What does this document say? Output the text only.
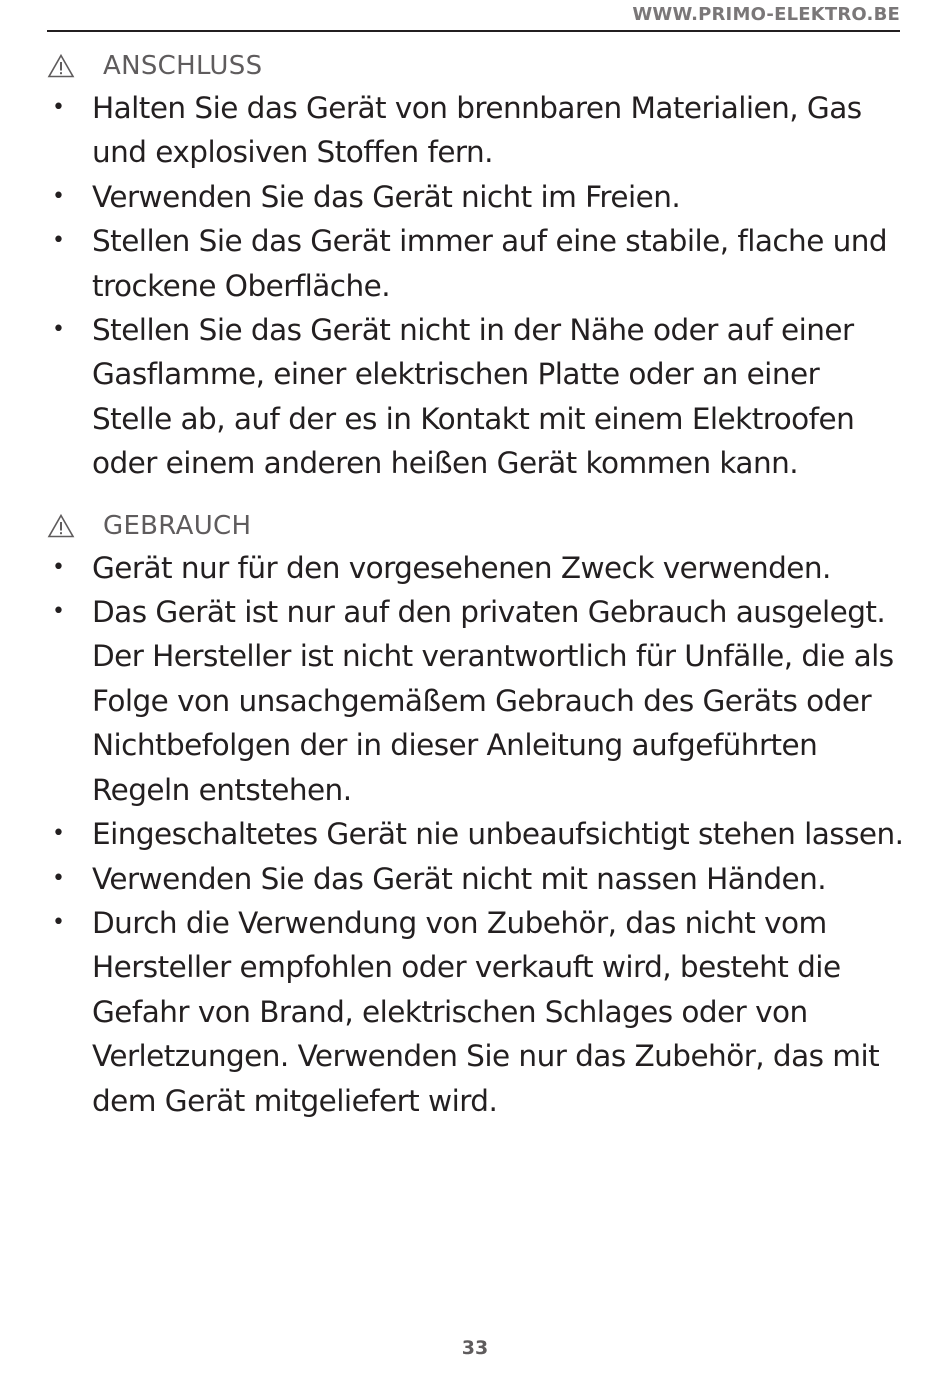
WWW.PRIMO-ELEKTRO.BE
ANSCHLUSS
• Halten Sie das Gerät von brennbaren Materialien, Gas und explosiven Stoffen fern.
• Verwenden Sie das Gerät nicht im Freien.
• Stellen Sie das Gerät immer auf eine stabile, flache und trockene Oberfläche.
• Stellen Sie das Gerät nicht in der Nähe oder auf einer Gasflamme, einer elektrischen Platte oder an einer Stelle ab, auf der es in Kontakt mit einem Elektroofen oder einem anderen heißen Gerät kommen kann.
GEBRAUCH
• Gerät nur für den vorgesehenen Zweck verwenden.
• Das Gerät ist nur auf den privaten Gebrauch ausgelegt. Der Hersteller ist nicht verantwortlich für Unfälle, die als Folge von unsachgemäßem Gebrauch des Geräts oder Nichtbefolgen der in dieser Anleitung aufgeführten Regeln entstehen.
• Eingeschaltetes Gerät nie unbeaufsichtigt stehen lassen.
• Verwenden Sie das Gerät nicht mit nassen Händen.
• Durch die Verwendung von Zubehör, das nicht vom Hersteller empfohlen oder verkauft wird, besteht die Gefahr von Brand, elektrischen Schlages oder von Verletzungen. Verwenden Sie nur das Zubehör, das mit dem Gerät mitgeliefert wird.
33
